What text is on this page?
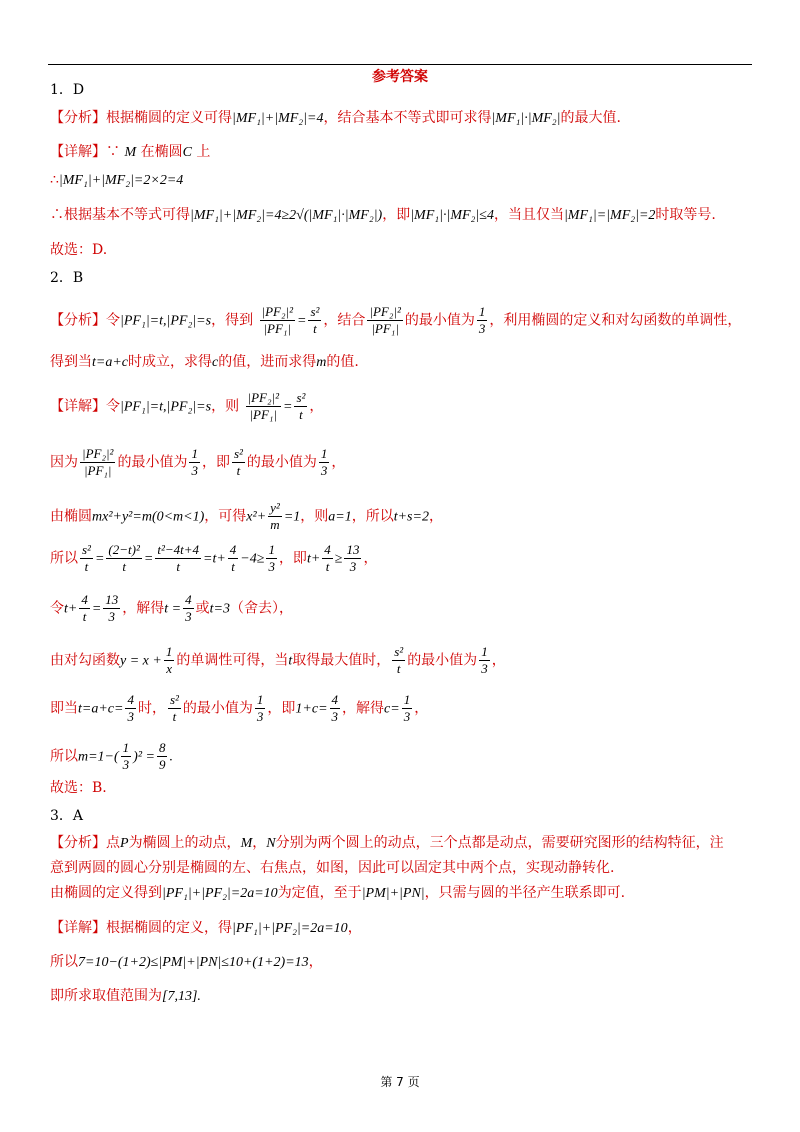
参考答案
1．D
【分析】根据椭圆的定义可得|MF₁|+|MF₂|=4，结合基本不等式即可求得|MF₁|·|MF₂|的最大值.
【详解】∵ M 在椭圆C 上
∴|MF₁|+|MF₂|=2×2=4
∴根据基本不等式可得|MF₁|+|MF₂|=4≥2√(|MF₁|·|MF₂|)，即|MF₁|·|MF₂|≤4，当且仅当|MF₁|=|MF₂|=2时取等号.
故选：D.
2．B
【分析】令|PF₁|=t,|PF₂|=s，得到 $\frac{\text{|PF₂|²}}{\text{|PF₁|}} = \frac{\text{s²}}{t}$ ，结合 $\frac{\text{|PF₂|²}}{\text{|PF₁|}}$ 的最小值为 $\frac{1}{3}$ ，利用椭圆的定义和对勾函数的单调性，
得到当t=a+c时成立，求得c的值，进而求得m的值.
【详解】令|PF₁|=t,|PF₂|=s，则 $\frac{\text{|PF₂|²}}{\text{|PF₁|}} = \frac{\text{s²}}{t}$ ，
因为 $\frac{\text{|PF₂|²}}{\text{|PF₁|}}$ 的最小值为 $\frac{1}{3}$ ，即 $\frac{\text{s²}}{t}$ 的最小值为 $\frac{1}{3}$ ，
由椭圆mx²+y²=m(0<m<1)，可得$x^2+ \frac{\text{y²}}{m} =1$，则a=1，所以t+s=2，
所以 $\frac{\text{s²}}{t} = \frac{\text{(2−t)²}}{t} = \frac{\text{t²−4t+4}}{t} =t+ \frac{4}{t} -4\ge \frac{1}{3}$ ，即$t+ \frac{4}{t} \ge \frac{13}{3}$ ，
令$t+ \frac{4}{t} = \frac{13}{3}$ ，解得$t = \frac{4}{3}$ 或t=3（舍去），
由对勾函数$y = x + \frac{1}{x}$ 的单调性可得，当t取得最大值时， $\frac{\text{s²}}{t}$ 的最小值为 $\frac{1}{3}$ ，
即当$t=a+c= \frac{4}{3}$ 时， $\frac{\text{s²}}{t}$ 的最小值为 $\frac{1}{3}$ ，即$1+c= \frac{4}{3}$ ，解得$c= \frac{1}{3}$ ，
所以$m=1-( \frac{1}{3} )^2 = \frac{8}{9}$ .
故选：B.
3．A
【分析】点P为椭圆上的动点，M，N分别为两个圆上的动点，三个点都是动点，需要研究图形的结构特征，注
意到两圆的圆心分别是椭圆的左、右焦点，如图，因此可以固定其中两个点，实现动静转化.
由椭圆的定义得到|PF₁|+|PF₂|=2a=10为定值，至于|PM|+|PN|，只需与圆的半径产生联系即可.
【详解】根据椭圆的定义，得|PF₁|+|PF₂|=2a=10，
所以7=10−(1+2)≤|PM|+|PN|≤10+(1+2)=13，
即所求取值范围为[7,13].
第 7 页
